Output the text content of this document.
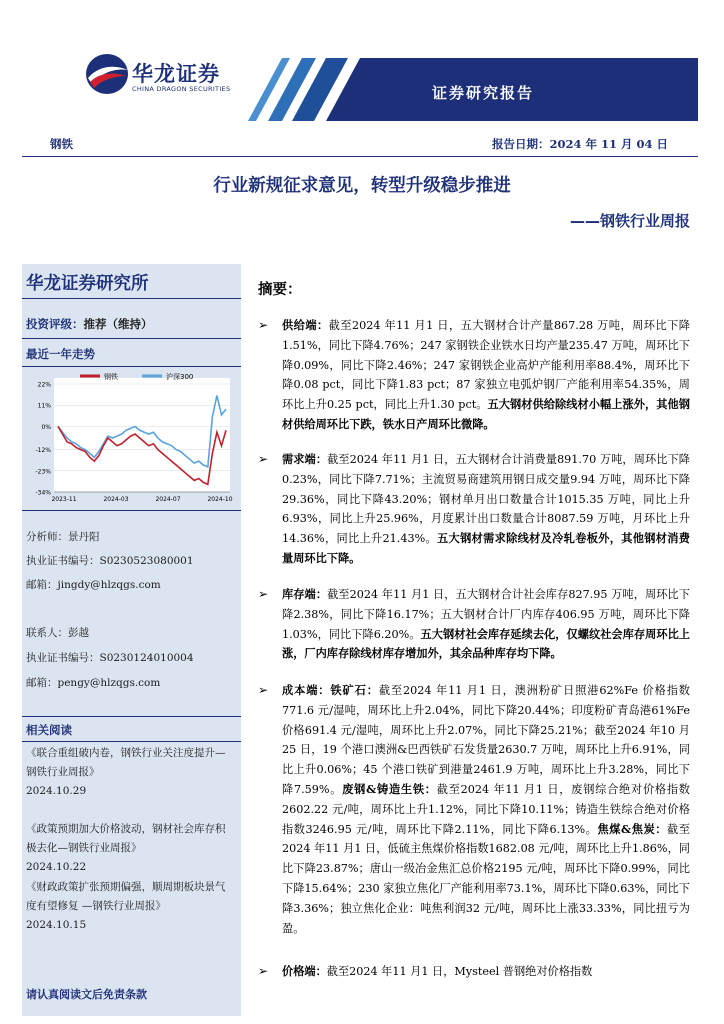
华龙证券
CHINA DRAGON SECURITIES	证券研究报告
钢铁	报告日期：2024 年 11 月 04 日
行业新规征求意见，转型升级稳步推进
——钢铁行业周报
华龙证券研究所
投资评级：推荐（维持）
最近一年走势
22%
11%
0%
-12%
-23%
-34%
2023-11	2024-03	2024-07	2024-10
钢铁	沪深300
分析师：景丹阳
执业证书编号：S0230523080001
邮箱：jingdy@hlzqgs.com
联系人：彭越
执业证书编号：S0230124010004
邮箱：pengy@hlzqgs.com
相关阅读
《联合重组破内卷，钢铁行业关注度提升—钢铁行业周报》
2024.10.29
《政策预期加大价格波动，钢材社会库存积极去化—钢铁行业周报》
2024.10.22
《财政政策扩张预期偏强，顺周期板块景气度有望修复 —钢铁行业周报》
2024.10.15
请认真阅读文后免责条款
摘要：
➢ 供给端：截至2024 年11 月1 日，五大钢材合计产量867.28 万吨，周环比下降1.51%，同比下降4.76%；247 家钢铁企业铁水日均产量235.47 万吨，周环比下降0.09%，同比下降2.46%；247 家钢铁企业高炉产能利用率88.4%，周环比下降0.08 pct，同比下降1.83 pct；87 家独立电弧炉钢厂产能利用率54.35%，周环比上升0.25 pct，同比上升1.30 pct。五大钢材供给除线材小幅上涨外，其他钢材供给周环比下跌，铁水日产周环比微降。
➢ 需求端：截至2024 年11 月1 日，五大钢材合计消费量891.70 万吨，周环比下降0.23%，同比下降7.71%；主流贸易商建筑用钢日成交量9.94 万吨，周环比下降29.36%，同比下降43.20%；钢材单月出口数量合计1015.35 万吨，同比上升6.93%，同比上升25.96%，月度累计出口数量合计8087.59 万吨，月环比上升14.36%，同比上升21.43%。五大钢材需求除线材及冷轧卷板外，其他钢材消费量周环比下降。
➢ 库存端：截至2024 年11 月1 日，五大钢材合计社会库存827.95 万吨，周环比下降2.38%，同比下降16.17%；五大钢材合计厂内库存406.95 万吨，周环比下降1.03%，同比下降6.20%。五大钢材社会库存延续去化，仅螺纹社会库存周环比上涨，厂内库存除线材库存增加外，其余品种库存均下降。
➢ 成本端：铁矿石：截至2024 年11 月1 日，澳洲粉矿日照港62%Fe 价格指数771.6 元/湿吨，周环比上升2.04%，同比下降20.44%；印度粉矿青岛港61%Fe 价格691.4 元/湿吨，周环比上升2.07%，同比下降25.21%；截至2024 年10 月25 日，19 个港口澳洲&巴西铁矿石发货量2630.7 万吨，周环比上升6.91%，同比上升0.06%；45 个港口铁矿到港量2461.9 万吨，周环比上升3.28%，同比下降7.59%。废钢&铸造生铁：截至2024 年11 月1 日，废钢综合绝对价格指数2602.22 元/吨，周环比上升1.12%，同比下降10.11%；铸造生铁综合绝对价格指数3246.95 元/吨，周环比下降2.11%，同比下降6.13%。焦煤&焦炭：截至2024 年11 月1 日，低硫主焦煤价格指数1682.08 元/吨，周环比上升1.86%，同比下降23.87%；唐山一级冶金焦汇总价格2195 元/吨，周环比下降0.99%，同比下降15.64%；230 家独立焦化厂产能利用率73.1%，周环比下降0.63%，同比下降3.36%；独立焦化企业：吨焦利润32 元/吨，周环比上涨33.33%，同比扭亏为盈。
➢ 价格端：截至2024 年11 月1 日，Mysteel 普钢绝对价格指数
